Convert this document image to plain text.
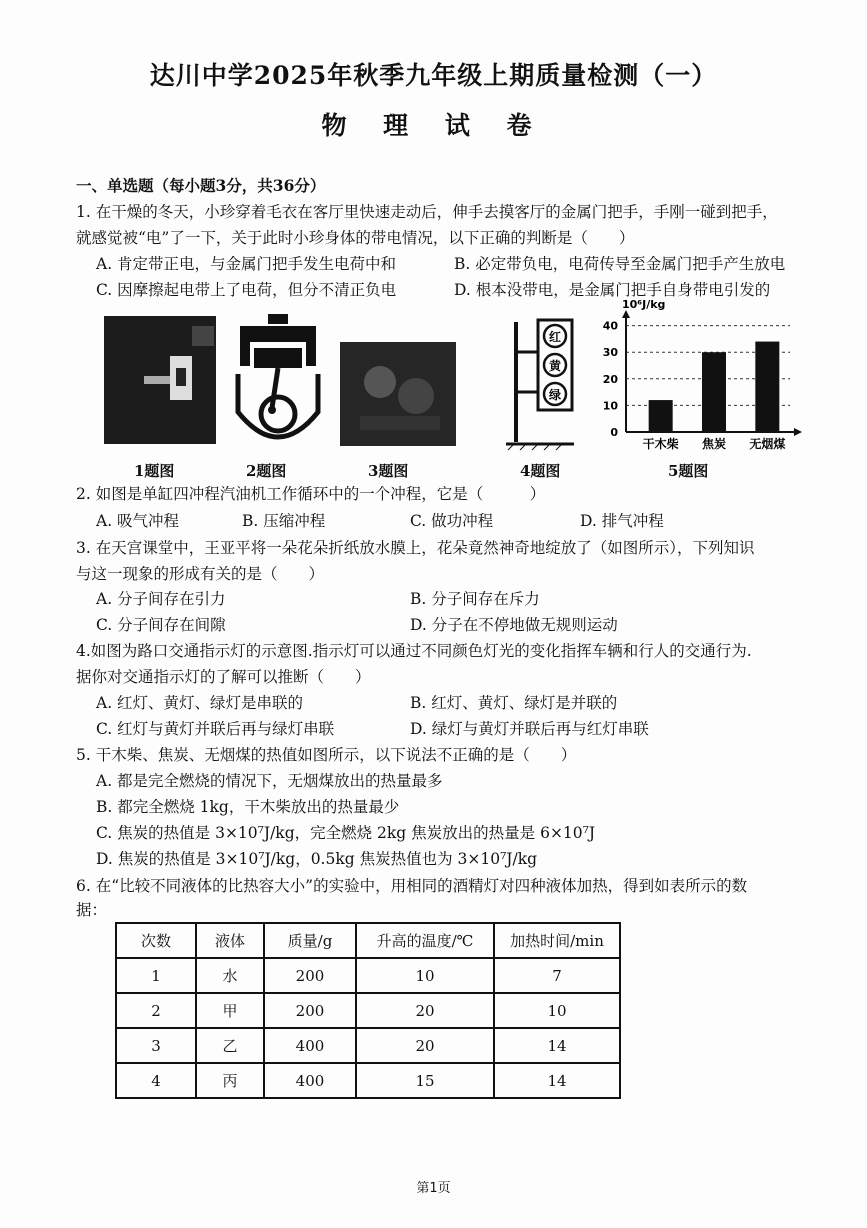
达川中学2025年秋季九年级上期质量检测（一）
物 理 试 卷
一、单选题（每小题3分，共36分）
1. 在干燥的冬天，小珍穿着毛衣在客厅里快速走动后，伸手去摸客厅的金属门把手，手刚一碰到把手，
就感觉被“电”了一下，关于此时小珍身体的带电情况，以下正确的判断是（　　）
A. 肯定带正电，与金属门把手发生电荷中和	B. 必定带负电，电荷传导至金属门把手产生放电
C. 因摩擦起电带上了电荷，但分不清正负电	D. 根本没带电，是金属门把手自身带电引发的
红
黄
绿
10⁶J/kg
0
10
20
30
40
干木柴 焦炭 无烟煤
1题图	2题图	3题图	4题图	5题图
2. 如图是单缸四冲程汽油机工作循环中的一个冲程，它是（　　　）
A. 吸气冲程	B. 压缩冲程	C. 做功冲程	D. 排气冲程
3. 在天宫课堂中，王亚平将一朵花朵折纸放水膜上，花朵竟然神奇地绽放了（如图所示），下列知识
与这一现象的形成有关的是（　　）
A. 分子间存在引力	B. 分子间存在斥力
C. 分子间存在间隙	D. 分子在不停地做无规则运动
4.如图为路口交通指示灯的示意图.指示灯可以通过不同颜色灯光的变化指挥车辆和行人的交通行为.
据你对交通指示灯的了解可以推断（　　）
A. 红灯、黄灯、绿灯是串联的	B. 红灯、黄灯、绿灯是并联的
C. 红灯与黄灯并联后再与绿灯串联	D. 绿灯与黄灯并联后再与红灯串联
5. 干木柴、焦炭、无烟煤的热值如图所示，以下说法不正确的是（　　）
A. 都是完全燃烧的情况下，无烟煤放出的热量最多
B. 都完全燃烧 1kg，干木柴放出的热量最少
C. 焦炭的热值是 3×10⁷J/kg，完全燃烧 2kg 焦炭放出的热量是 6×10⁷J
D. 焦炭的热值是 3×10⁷J/kg，0.5kg 焦炭热值也为 3×10⁷J/kg
6. 在“比较不同液体的比热容大小”的实验中，用相同的酒精灯对四种液体加热，得到如表所示的数
据：
次数	液体	质量/g	升高的温度/℃	加热时间/min
1	水	200	10	7
2	甲	200	20	10
3	乙	400	20	14
4	丙	400	15	14
第1页
